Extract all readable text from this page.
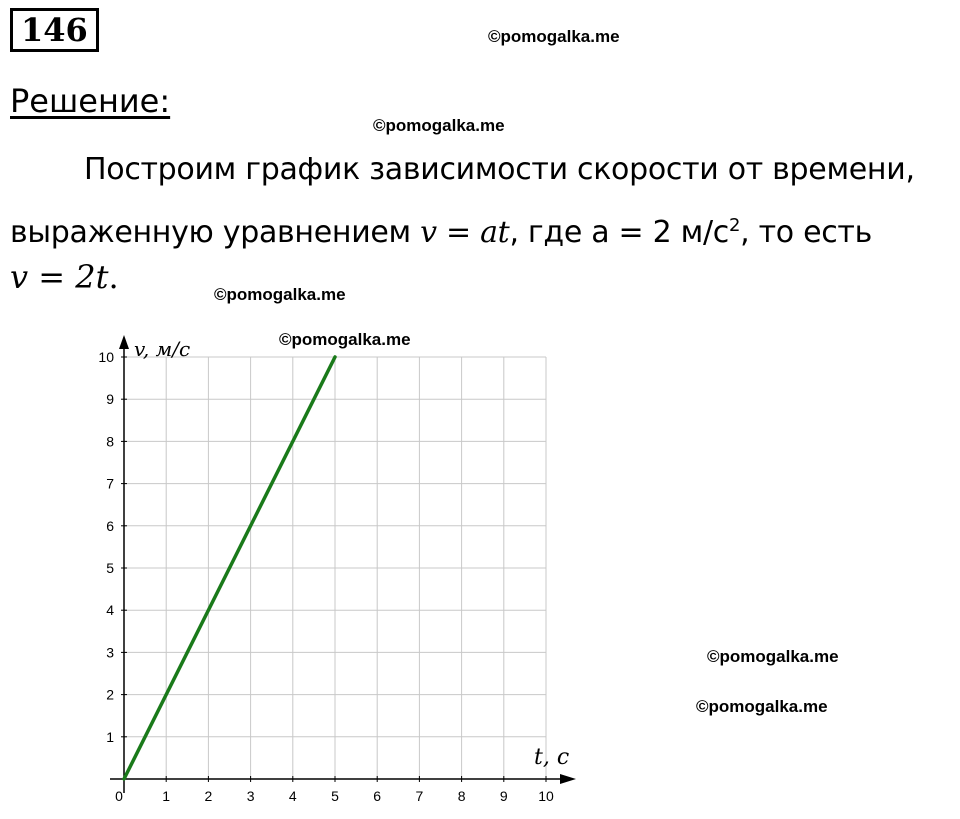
146	©pomogalka.me
Решение:
©pomogalka.me
Построим график зависимости скорости от времени, выраженную уравнением v = at, где а = 2 $м/с^2$, то есть
v = 2t.	©pomogalka.me
©pomogalka.me
©pomogalka.me
0	1 2 3 4 5 6 7 8 9 10
1
2
3
4
5
6
7
8
9
10 v, м/с
t, c
©pomogalka.me
